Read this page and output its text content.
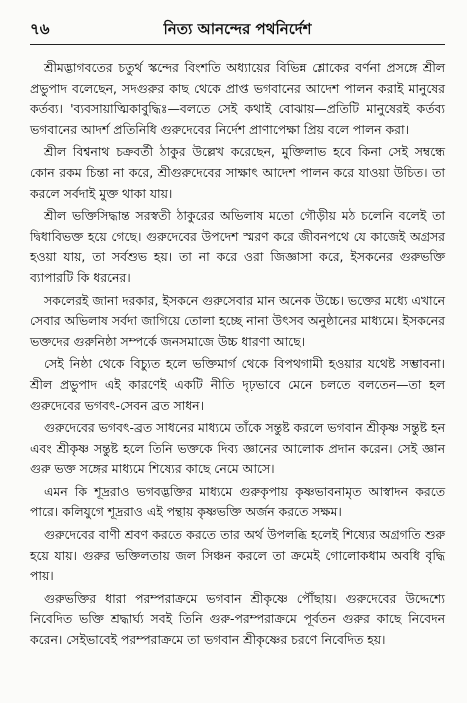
৭৬	নিত্য আনন্দের পথনির্দেশ

শ্রীমদ্ভাগবতের চতুর্থ স্কন্দের বিংশতি অধ্যায়ের বিভিন্ন শ্লোকের বর্ণনা প্রসঙ্গে শ্রীল প্রভুপাদ বলেছেন, সদগুরুর কাছ থেকে প্রাপ্ত ভগবানের আদেশ পালন করাই মানুষের কর্তব্য। 'ব্যবসায়াত্মিকাবুদ্ধিঃ—বলতে সেই কথাই বোঝায়—প্রতিটি মানুষেরই কর্তব্য ভগবানের আদর্শ প্রতিনিধি গুরুদেবের নির্দেশ প্রাণাপেক্ষা প্রিয় বলে পালন করা।

শ্রীল বিশ্বনাথ চক্রবর্তী ঠাকুর উল্লেখ করেছেন, মুক্তিলাভ হবে কিনা সেই সম্বন্ধে কোন রকম চিন্তা না করে, শ্রীগুরুদেবের সাক্ষাৎ আদেশ পালন করে যাওয়া উচিত। তা করলে সর্বদাই মুক্ত থাকা যায়।

শ্রীল ভক্তিসিদ্ধান্ত সরস্বতী ঠাকুরের অভিলাষ মতো গৌড়ীয় মঠ চলেনি বলেই তা দ্বিধাবিভক্ত হয়ে গেছে। গুরুদেবের উপদেশ স্মরণ করে জীবনপথে যে কাজেই অগ্রসর হওয়া যায়, তা সর্বশুভ হয়। তা না করে ওরা জিজ্ঞাসা করে, ইসকনের গুরুভক্তি ব্যাপারটি কি ধরনের।

সকলেরই জানা দরকার, ইসকনে গুরুসেবার মান অনেক উচ্চে। ভক্তের মধ্যে এখানে সেবার অভিলাষ সর্বদা জাগিয়ে তোলা হচ্ছে নানা উৎসব অনুষ্ঠানের মাধ্যমে। ইসকনের ভক্তদের গুরুনিষ্ঠা সম্পর্কে জনসমাজে উচ্চ ধারণা আছে।

সেই নিষ্ঠা থেকে বিচ্যুত হলে ভক্তিমার্গ থেকে বিপথগামী হওয়ার যথেষ্ট সম্ভাবনা। শ্রীল প্রভুপাদ এই কারণেই একটি নীতি দৃঢ়ভাবে মেনে চলতে বলতেন—তা হল গুরুদেবের ভগবৎ-সেবন ব্রত সাধন।

গুরুদেবের ভগবৎ-ব্রত সাধনের মাধ্যমে তাঁকে সন্তুষ্ট করলে ভগবান শ্রীকৃষ্ণ সন্তুষ্ট হন এবং শ্রীকৃষ্ণ সন্তুষ্ট হলে তিনি ভক্তকে দিব্য জ্ঞানের আলোক প্রদান করেন। সেই জ্ঞান গুরু ভক্ত সঙ্গের মাধ্যমে শিষ্যের কাছে নেমে আসে।

এমন কি শূদ্ররাও ভগবদ্ভক্তির মাধ্যমে গুরুকৃপায় কৃষ্ণভাবনামৃত আস্বাদন করতে পারে। কলিযুগে শূদ্ররাও এই পন্থায় কৃষ্ণভক্তি অর্জন করতে সক্ষম।

গুরুদেবের বাণী শ্রবণ করতে করতে তার অর্থ উপলব্ধি হলেই শিষ্যের অগ্রগতি শুরু হয়ে যায়। গুরুর ভক্তিলতায় জল সিঞ্চন করলে তা ক্রমেই গোলোকধাম অবধি বৃদ্ধি পায়।

গুরুভক্তির ধারা পরম্পরাক্রমে ভগবান শ্রীকৃষ্ণে পৌঁছায়। গুরুদেবের উদ্দেশ্যে নিবেদিত ভক্তি শ্রদ্ধার্ঘ্য সবই তিনি গুরু-পরম্পরাক্রমে পূর্বতন গুরুর কাছে নিবেদন করেন। সেইভাবেই পরম্পরাক্রমে তা ভগবান শ্রীকৃষ্ণের চরণে নিবেদিত হয়।
